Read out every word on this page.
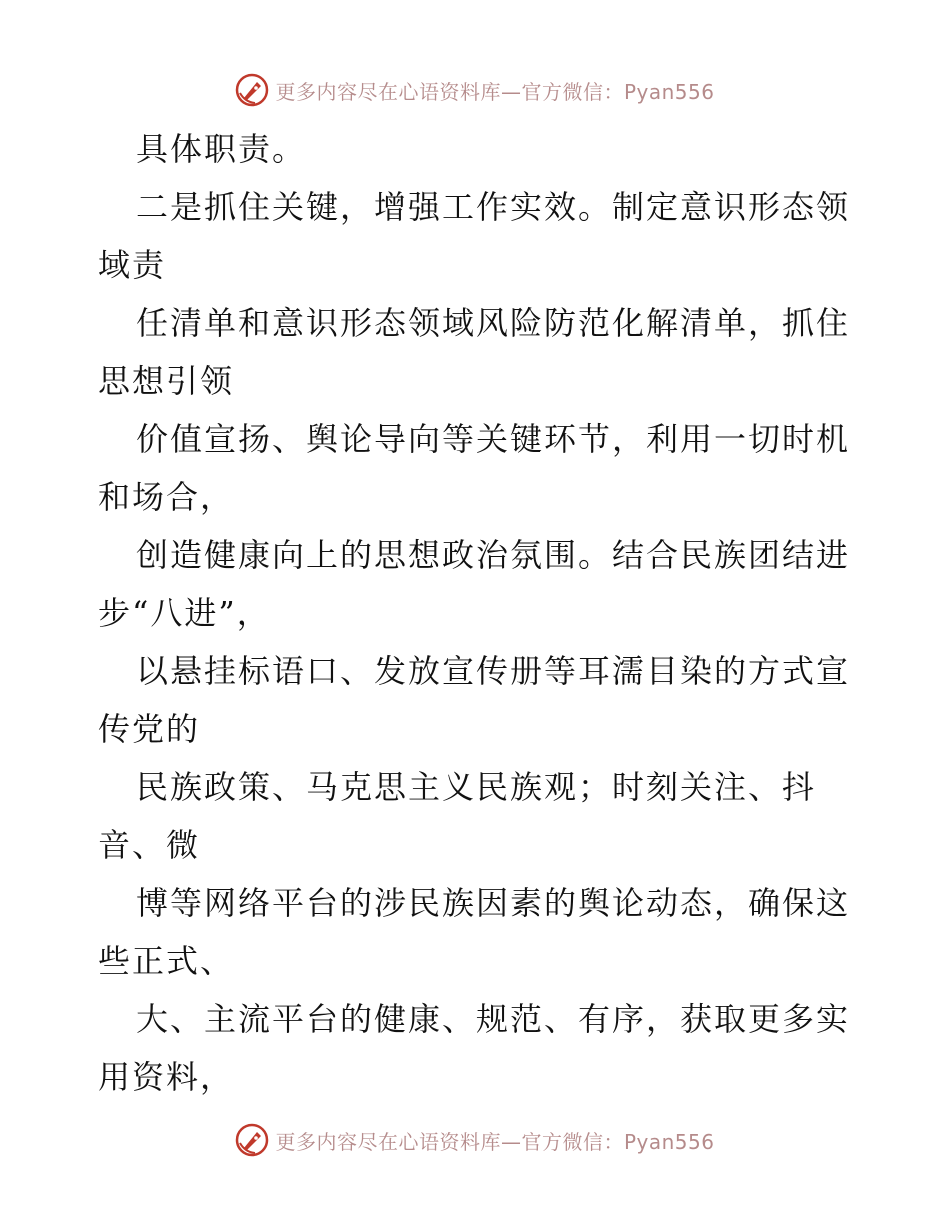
更多内容尽在心语资料库—官方微信：Pyan556
具体职责。
二是抓住关键，增强工作实效。制定意识形态领
域责
任清单和意识形态领域风险防范化解清单，抓住
思想引领
价值宣扬、舆论导向等关键环节，利用一切时机
和场合，
创造健康向上的思想政治氛围。结合民族团结进
步“八进”，
以悬挂标语口、发放宣传册等耳濡目染的方式宣
传党的
民族政策、马克思主义民族观；时刻关注、抖
音、微
博等网络平台的涉民族因素的舆论动态，确保这
些正式、
大、主流平台的健康、规范、有序，获取更多实
用资料，
更多内容尽在心语资料库—官方微信：Pyan556
